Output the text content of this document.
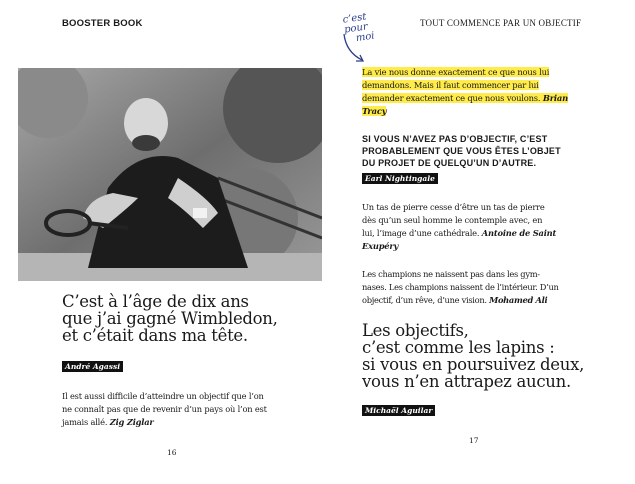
BOOSTER BOOK
C’est à l’âge de dix ans
que j’ai gagné Wimbledon,
et c’était dans ma tête.
André Agassi
Il est aussi difficile d’atteindre un objectif que l’on
ne connaît pas que de revenir d’un pays où l’on est
jamais allé. Zig Ziglar
16
c’est pour
moi
TOUT COMMENCE PAR UN OBJECTIF
La vie nous donne exactement ce que nous lui
demandons. Mais il faut commencer par lui
demander exactement ce que nous voulons. Brian
Tracy
SI VOUS N’AVEZ PAS D’OBJECTIF, C’EST
PROBABLEMENT QUE VOUS ÊTES L’OBJET
DU PROJET DE QUELQU’UN D’AUTRE.
Earl Nightingale
Un tas de pierre cesse d’être un tas de pierre
dès qu’un seul homme le contemple avec, en
lui, l’image d’une cathédrale. Antoine de Saint
Exupéry
Les champions ne naissent pas dans les gym-
nases. Les champions naissent de l’intérieur. D’un
objectif, d’un rêve, d’une vision. Mohamed Ali
Les objectifs,
c’est comme les lapins :
si vous en poursuivez deux,
vous n’en attrapez aucun.
Michaël Aguilar
17
